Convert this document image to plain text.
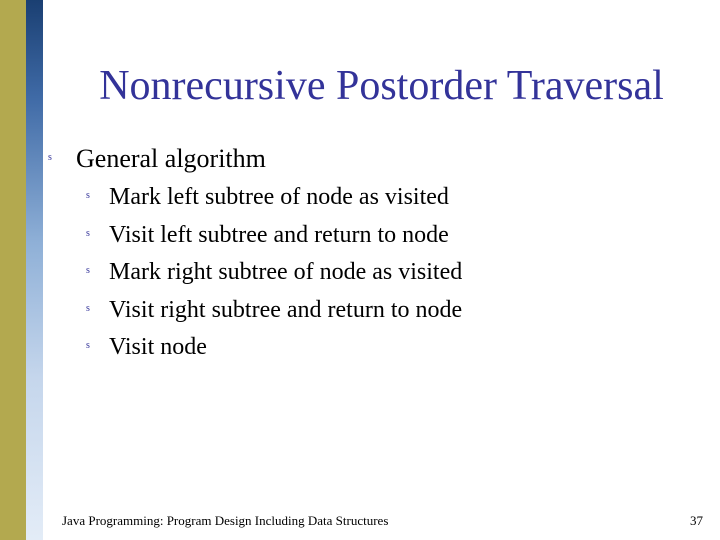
Nonrecursive Postorder Traversal
s General algorithm
s Mark left subtree of node as visited
s Visit left subtree and return to node
s Mark right subtree of node as visited
s Visit right subtree and return to node
s Visit node
Java Programming: Program Design Including Data Structures	37
